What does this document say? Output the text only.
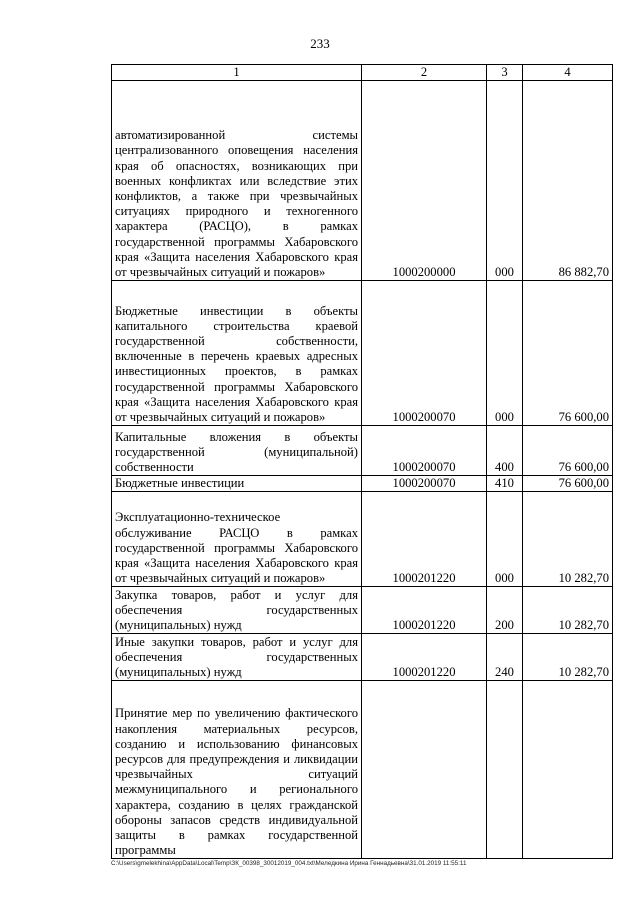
233
1	2	3	4
автоматизированной системы централизованного оповещения населения края об опасностях, возникающих при военных конфликтах или вследствие этих конфликтов, а также при чрезвычайных ситуациях природного и техногенного характера (РАСЦО), в рамках государственной программы Хабаровского края «Защита населения Хабаровского края от чрезвычайных ситуаций и пожаров»	1000200000	000	86 882,70
Бюджетные инвестиции в объекты капитального строительства краевой государственной собственности, включенные в перечень краевых адресных инвестиционных проектов, в рамках государственной программы Хабаровского края «Защита населения Хабаровского края от чрезвычайных ситуаций и пожаров»	1000200070	000	76 600,00
Капитальные вложения в объекты государственной (муниципальной) собственности	1000200070	400	76 600,00
Бюджетные инвестиции	1000200070	410	76 600,00
Эксплуатационно-техническое обслуживание РАСЦО в рамках государственной программы Хабаровского края «Защита населения Хабаровского края от чрезвычайных ситуаций и пожаров»	1000201220	000	10 282,70
Закупка товаров, работ и услуг для обеспечения государственных (муниципальных) нужд	1000201220	200	10 282,70
Иные закупки товаров, работ и услуг для обеспечения государственных (муниципальных) нужд	1000201220	240	10 282,70
Принятие мер по увеличению фактического накопления материальных ресурсов, созданию и использованию финансовых ресурсов для предупреждения и ликвидации чрезвычайных ситуаций межмуниципального и регионального характера, созданию в целях гражданской обороны запасов средств индивидуальной защиты в рамках государственной программы			
C:\Users\gmelekhina\AppData\Local\Temp\ЗК_00398_30012019_004.txt\Меледкина Ирина Геннадьевна\31.01.2019 11:55:11
